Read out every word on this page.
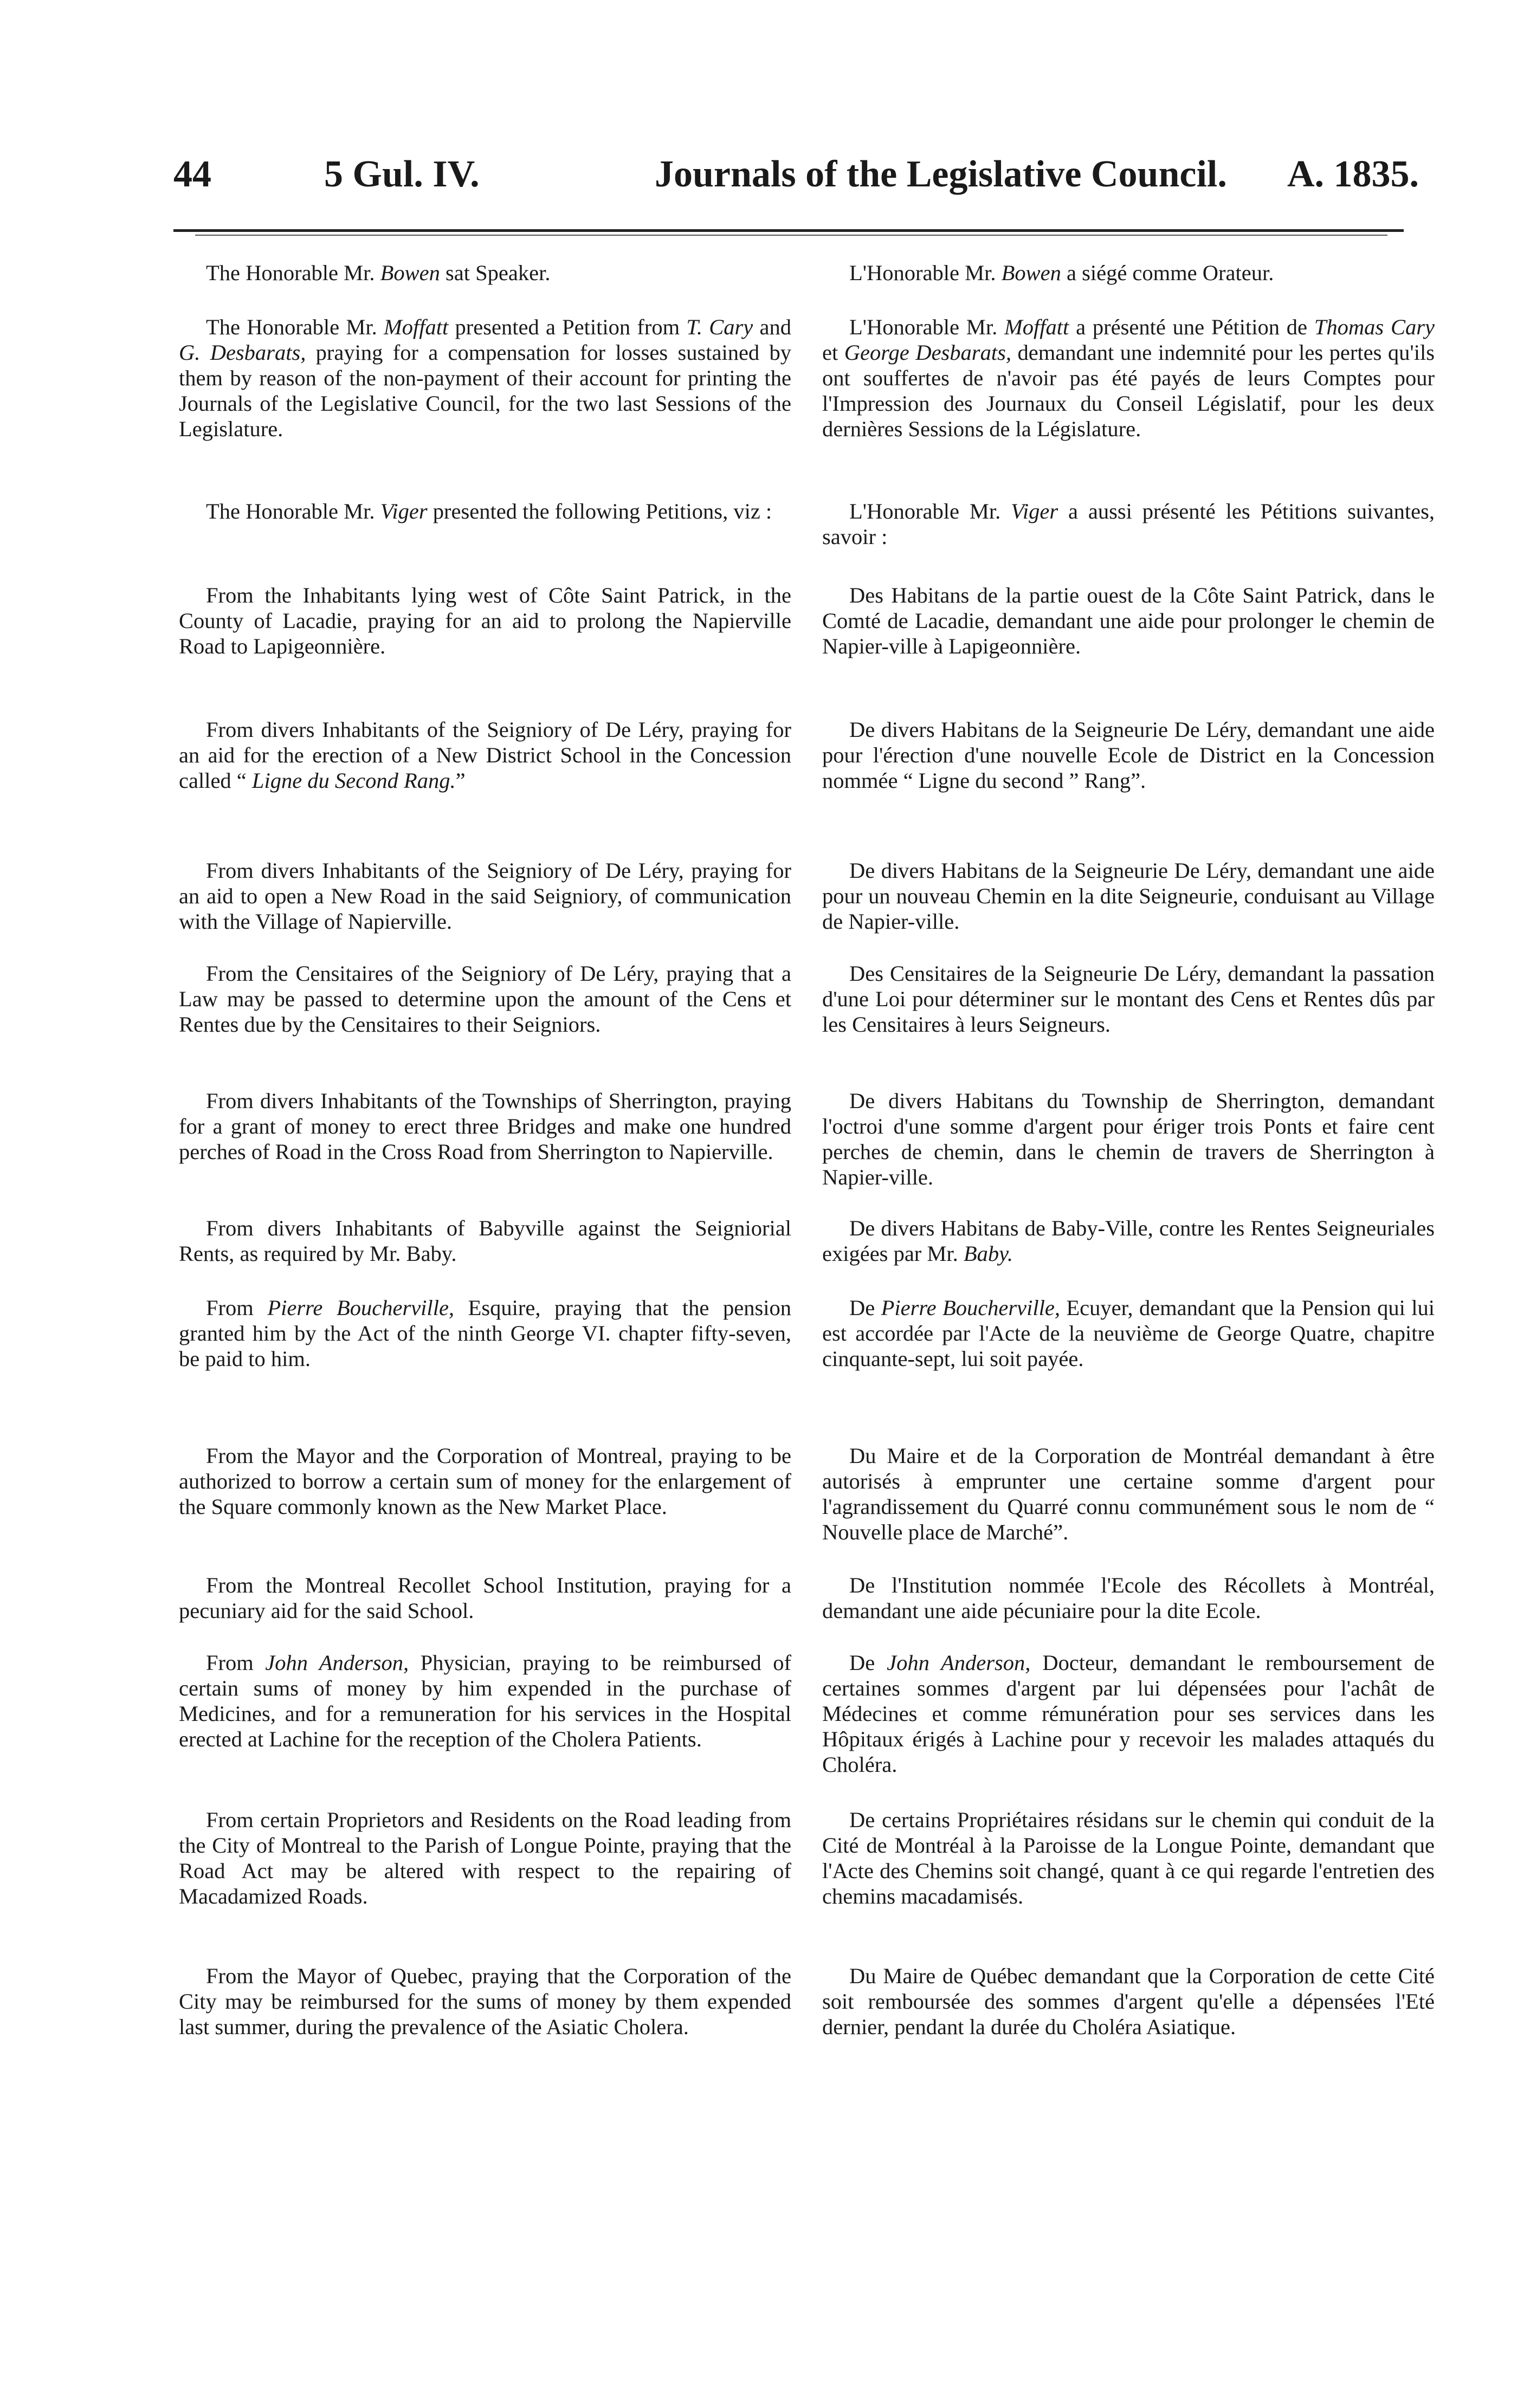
44	5 Gul. IV.	Journals of the Legislative Council. A. 1835.

The Honorable Mr. Bowen sat Speaker.

The Honorable Mr. Moffatt presented a Petition from T. Cary and G. Desbarats, praying for a compensation for losses sustained by them by reason of the non-payment of their account for printing the Journals of the Legislative Council, for the two last Sessions of the Legislature.

The Honorable Mr. Viger presented the following Petitions, viz :

From the Inhabitants lying west of Côte Saint Patrick, in the County of Lacadie, praying for an aid to prolong the Napierville Road to Lapigeonnière.

From divers Inhabitants of the Seigniory of De Léry, praying for an aid for the erection of a New District School in the Concession called “ Ligne du Second Rang.”

From divers Inhabitants of the Seigniory of De Léry, praying for an aid to open a New Road in the said Seigniory, of communication with the Village of Napierville.

From the Censitaires of the Seigniory of De Léry, praying that a Law may be passed to determine upon the amount of the Cens et Rentes due by the Censitaires to their Seigniors.

From divers Inhabitants of the Townships of Sherrington, praying for a grant of money to erect three Bridges and make one hundred perches of Road in the Cross Road from Sherrington to Napierville.

From divers Inhabitants of Babyville against the Seigniorial Rents, as required by Mr. Baby.

From Pierre Boucherville, Esquire, praying that the pension granted him by the Act of the ninth George VI. chapter fifty-seven, be paid to him.

From the Mayor and the Corporation of Montreal, praying to be authorized to borrow a certain sum of money for the enlargement of the Square commonly known as the New Market Place.

From the Montreal Recollet School Institution, praying for a pecuniary aid for the said School.

From John Anderson, Physician, praying to be reimbursed of certain sums of money by him expended in the purchase of Medicines, and for a remuneration for his services in the Hospital erected at Lachine for the reception of the Cholera Patients.

From certain Proprietors and Residents on the Road leading from the City of Montreal to the Parish of Longue Pointe, praying that the Road Act may be altered with respect to the repairing of Macadamized Roads.

From the Mayor of Quebec, praying that the Corporation of the City may be reimbursed for the sums of money by them expended last summer, during the prevalence of the Asiatic Cholera.

L'Honorable Mr. Bowen a siégé comme Orateur.

L'Honorable Mr. Moffatt a présenté une Pétition de Thomas Cary et George Desbarats, demandant une indemnité pour les pertes qu'ils ont souffertes de n'avoir pas été payés de leurs Comptes pour l'Impression des Journaux du Conseil Législatif, pour les deux dernières Sessions de la Législature.

L'Honorable Mr. Viger a aussi présenté les Pétitions suivantes, savoir :

Des Habitans de la partie ouest de la Côte Saint Patrick, dans le Comté de Lacadie, demandant une aide pour prolonger le chemin de Napier-ville à Lapigeonnière.

De divers Habitans de la Seigneurie De Léry, demandant une aide pour l'érection d'une nouvelle Ecole de District en la Concession nommée “ Ligne du second ” Rang”.

De divers Habitans de la Seigneurie De Léry, demandant une aide pour un nouveau Chemin en la dite Seigneurie, conduisant au Village de Napier-ville.

Des Censitaires de la Seigneurie De Léry, demandant la passation d'une Loi pour déterminer sur le montant des Cens et Rentes dûs par les Censitaires à leurs Seigneurs.

De divers Habitans du Township de Sherrington, demandant l'octroi d'une somme d'argent pour ériger trois Ponts et faire cent perches de chemin, dans le chemin de travers de Sherrington à Napier-ville.

De divers Habitans de Baby-Ville, contre les Rentes Seigneuriales exigées par Mr. Baby.

De Pierre Boucherville, Ecuyer, demandant que la Pension qui lui est accordée par l'Acte de la neuvième de George Quatre, chapitre cinquante-sept, lui soit payée.

Du Maire et de la Corporation de Montréal demandant à être autorisés à emprunter une certaine somme d'argent pour l'agrandissement du Quarré connu communément sous le nom de “ Nouvelle place de Marché”.

De l'Institution nommée l'Ecole des Récollets à Montréal, demandant une aide pécuniaire pour la dite Ecole.

De John Anderson, Docteur, demandant le remboursement de certaines sommes d'argent par lui dépensées pour l'achât de Médecines et comme rémunération pour ses services dans les Hôpitaux érigés à Lachine pour y recevoir les malades attaqués du Choléra.

De certains Propriétaires résidans sur le chemin qui conduit de la Cité de Montréal à la Paroisse de la Longue Pointe, demandant que l'Acte des Chemins soit changé, quant à ce qui regarde l'entretien des chemins macadamisés.

Du Maire de Québec demandant que la Corporation de cette Cité soit remboursée des sommes d'argent qu'elle a dépensées l'Eté dernier, pendant la durée du Choléra Asiatique.
